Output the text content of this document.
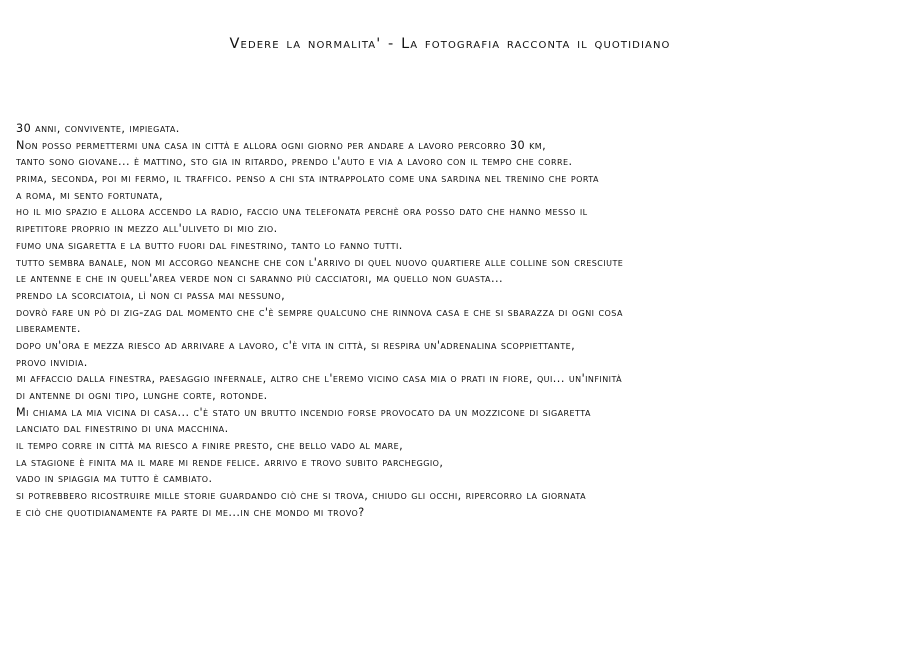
Vedere la normalita' - La fotografia racconta il quotidiano
30 anni, convivente, impiegata.
Non posso permettermi una casa in città e allora ogni giorno per andare a lavoro percorro 30 km,
tanto sono giovane... è mattino, sto gia in ritardo, prendo l'auto e via a lavoro con il tempo che corre.
prima, seconda, poi mi fermo, il traffico. penso a chi sta intrappolato come una sardina nel trenino che porta
a roma, mi sento fortunata,
ho il mio spazio e allora accendo la radio, faccio una telefonata perchè ora posso dato che hanno messo il
ripetitore proprio in mezzo all'uliveto di mio zio.
fumo una sigaretta e la butto fuori dal finestrino, tanto lo fanno tutti.
tutto sembra banale, non mi accorgo neanche che con l'arrivo di quel nuovo quartiere alle colline son cresciute
le antenne e che in quell'area verde non ci saranno più cacciatori, ma quello non guasta...
prendo la scorciatoia, lì non ci passa mai nessuno,
dovrò fare un pò di zig-zag dal momento che c'è sempre qualcuno che rinnova casa e che si sbarazza di ogni cosa
liberamente.
dopo un'ora e mezza riesco ad arrivare a lavoro, c'è vita in città, si respira un'adrenalina scoppiettante,
provo invidia.
mi affaccio dalla finestra, paesaggio infernale, altro che l'eremo vicino casa mia o prati in fiore, qui... un'infinità
di antenne di ogni tipo, lunghe corte, rotonde.
Mi chiama la mia vicina di casa... c'è stato un brutto incendio forse provocato da un mozzicone di sigaretta
lanciato dal finestrino di una macchina.
il tempo corre in città ma riesco a finire presto, che bello vado al mare,
la stagione è finita ma il mare mi rende felice. arrivo e trovo subito parcheggio,
vado in spiaggia ma tutto è cambiato.
si potrebbero ricostruire mille storie guardando ciò che si trova, chiudo gli occhi, ripercorro la giornata
e ciò che quotidianamente fa parte di me...in che mondo mi trovo?
